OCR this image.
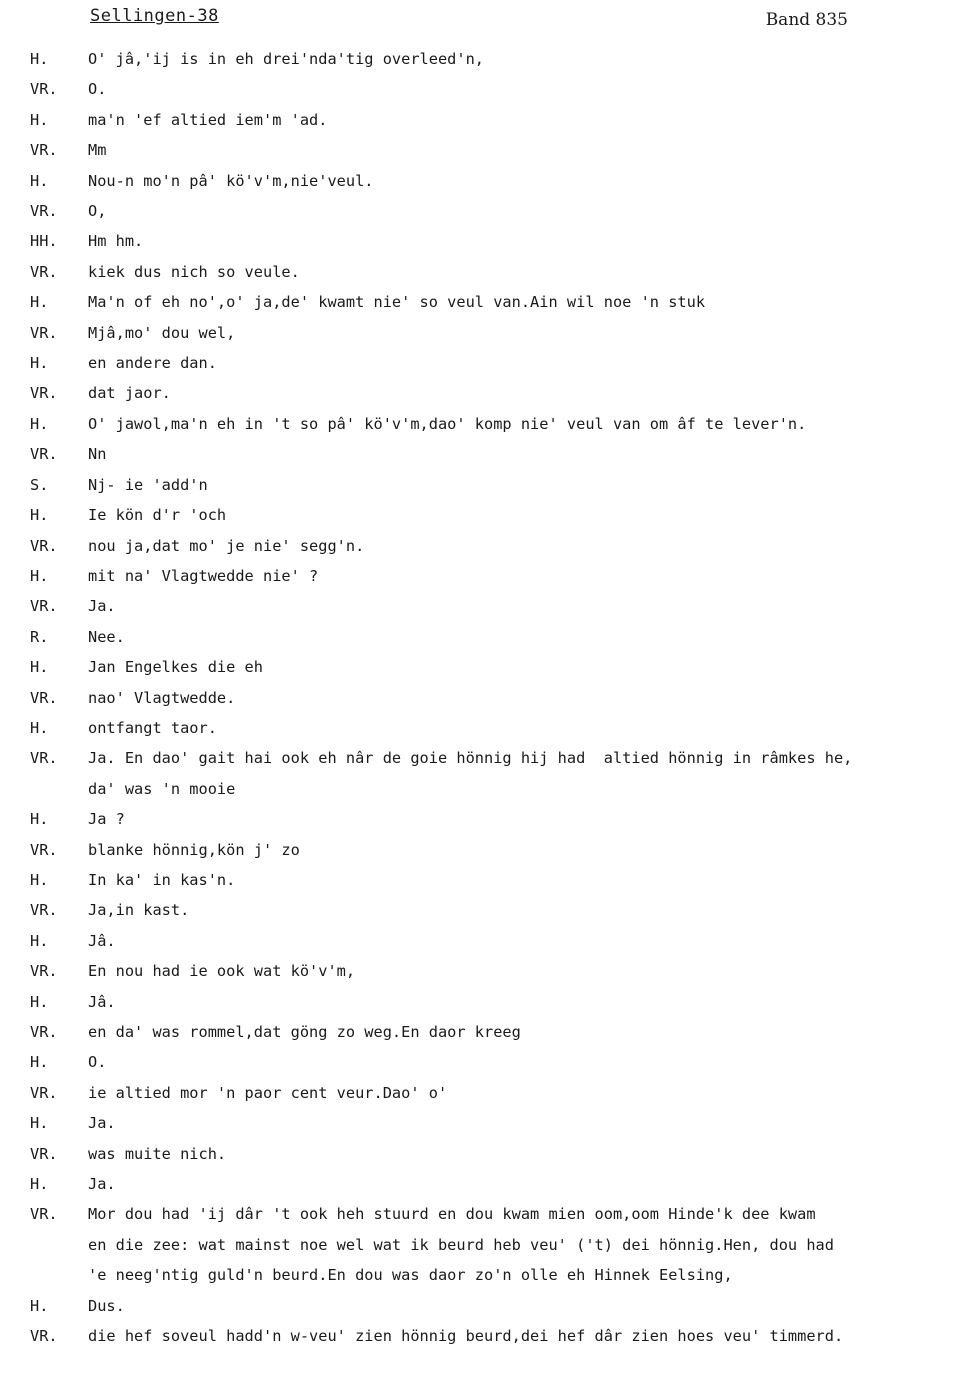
Sellingen-38	Band 835
H.	O' jâ,'ij is in eh drei'nda'tig overleed'n,
VR.	O.
H.	ma'n 'ef altied iem'm 'ad.
VR.	Mm
H.	Nou-n mo'n pâ' kö'v'm,nie'veul.
VR.	O,
HH.	Hm hm.
VR.	kiek dus nich so veule.
H.	Ma'n of eh no',o' ja,de' kwamt nie' so veul van.Ain wil noe 'n stuk
VR.	Mjâ,mo' dou wel,
H.	en andere dan.
VR.	dat jaor.
H.	O' jawol,ma'n eh in 't so pâ' kö'v'm,dao' komp nie' veul van om âf te lever'n.
VR.	Nn
S.	Nj- ie 'add'n
H.	Ie kön d'r 'och
VR.	nou ja,dat mo' je nie' segg'n.
H.	mit na' Vlagtwedde nie' ?
VR.	Ja.
R.	Nee.
H.	Jan Engelkes die eh
VR.	nao' Vlagtwedde.
H.	ontfangt taor.
VR.	Ja. En dao' gait hai ook eh nâr de goie hönnig hij had  altied hönnig in râmkes he,
da' was 'n mooie
H.	Ja ?
VR.	blanke hönnig,kön j' zo
H.	In ka' in kas'n.
VR.	Ja,in kast.
H.	Jâ.
VR.	En nou had ie ook wat kö'v'm,
H.	Jâ.
VR.	en da' was rommel,dat göng zo weg.En daor kreeg
H.	O.
VR.	ie altied mor 'n paor cent veur.Dao' o'
H.	Ja.
VR.	was muite nich.
H.	Ja.
VR.	Mor dou had 'ij dâr 't ook heh stuurd en dou kwam mien oom,oom Hinde'k dee kwam
en die zee: wat mainst noe wel wat ik beurd heb veu' ('t) dei hönnig.Hen, dou had
'e neeg'ntig guld'n beurd.En dou was daor zo'n olle eh Hinnek Eelsing,
H.	Dus.
VR.	die hef soveul hadd'n w-veu' zien hönnig beurd,dei hef dâr zien hoes veu' timmerd.
